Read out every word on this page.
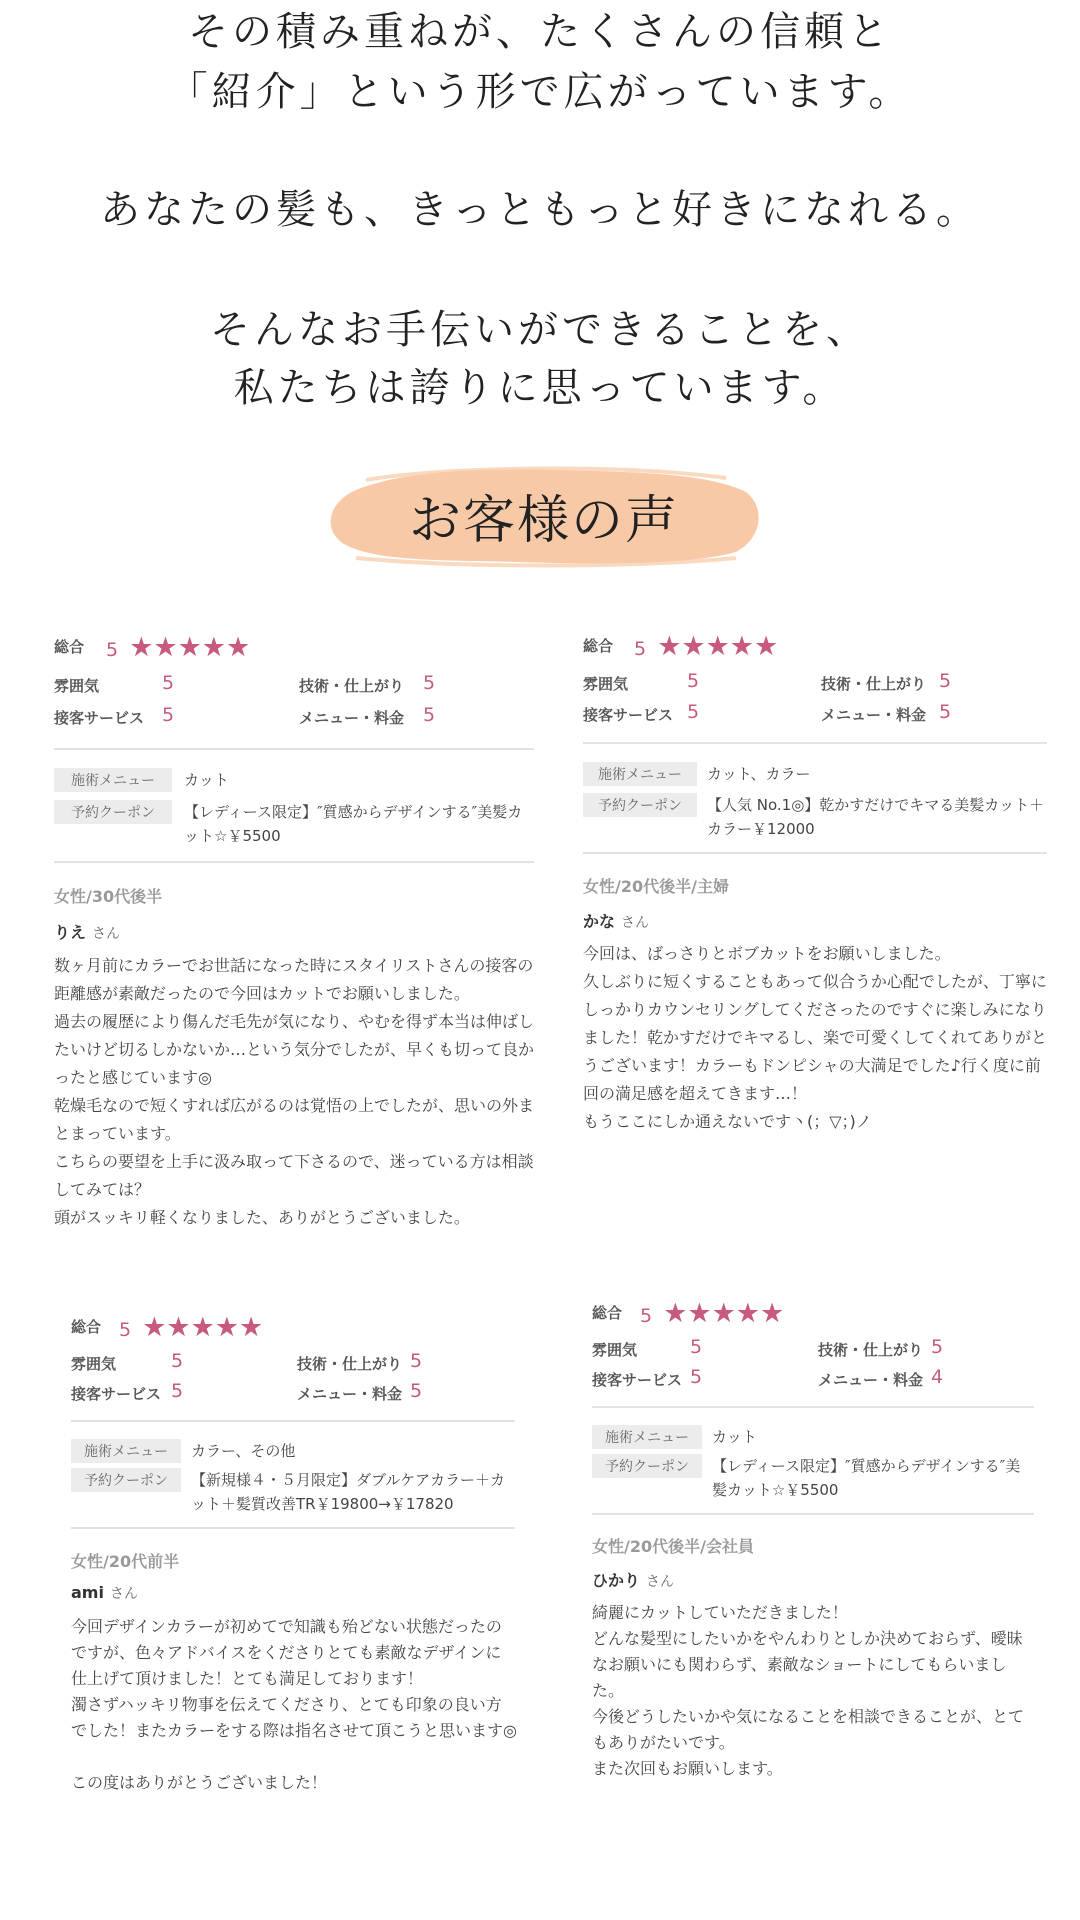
その積み重ねが、たくさんの信頼と
「紹介」という形で広がっています。
あなたの髪も、きっともっと好きになれる。
そんなお手伝いができることを、
私たちは誇りに思っています。
お客様の声
総合 5 ★★★★★
雰囲気	5	技術・仕上がり 5
接客サービス 5	メニュー・料金 5
施術メニュー	カット
予約クーポン	【レディース限定】″質感からデザインする″美髪カット☆￥5500
女性/30代後半
りえ さん
数ヶ月前にカラーでお世話になった時にスタイリストさんの接客の距離感が素敵だったので今回はカットでお願いしました。
過去の履歴により傷んだ毛先が気になり、やむを得ず本当は伸ばしたいけど切るしかないか…という気分でしたが、早くも切って良かったと感じています◎
乾燥毛なので短くすれば広がるのは覚悟の上でしたが、思いの外まとまっています。
こちらの要望を上手に汲み取って下さるので、迷っている方は相談してみては？
頭がスッキリ軽くなりました、ありがとうございました。
総合 5 ★★★★★
雰囲気	5	技術・仕上がり 5
接客サービス 5	メニュー・料金 5
施術メニュー	カット、カラー
予約クーポン	【人気 No.1◎】乾かすだけでキマる美髪カット＋カラー￥12000
女性/20代後半/主婦
かな さん
今回は、ばっさりとボブカットをお願いしました。
久しぶりに短くすることもあって似合うか心配でしたが、丁寧にしっかりカウンセリングしてくださったのですぐに楽しみになりました！乾かすだけでキマるし、楽で可愛くしてくれてありがとうございます！カラーもドンピシャの大満足でした♪行く度に前回の満足感を超えてきます…！
もうここにしか通えないです丶(；▽；)ノ
総合 5 ★★★★★
雰囲気	5	技術・仕上がり 5
接客サービス 5	メニュー・料金 5
施術メニュー	カラー、その他
予約クーポン	【新規様４・５月限定】ダブルケアカラー＋カット＋髪質改善TR￥19800→￥17820
女性/20代前半
ami さん
今回デザインカラーが初めてで知識も殆どない状態だったのですが、色々アドバイスをくださりとても素敵なデザインに仕上げて頂けました！とても満足しております！
濁さずハッキリ物事を伝えてくださり、とても印象の良い方でした！またカラーをする際は指名させて頂こうと思います◎

この度はありがとうございました！
総合 5 ★★★★★
雰囲気	5	技術・仕上がり 5
接客サービス 5	メニュー・料金 4
施術メニュー	カット
予約クーポン	【レディース限定】″質感からデザインする″美髪カット☆￥5500
女性/20代後半/会社員
ひかり さん
綺麗にカットしていただきました！
どんな髪型にしたいかをやんわりとしか決めておらず、曖昧なお願いにも関わらず、素敵なショートにしてもらいました。
今後どうしたいかや気になることを相談できることが、とてもありがたいです。
また次回もお願いします。
